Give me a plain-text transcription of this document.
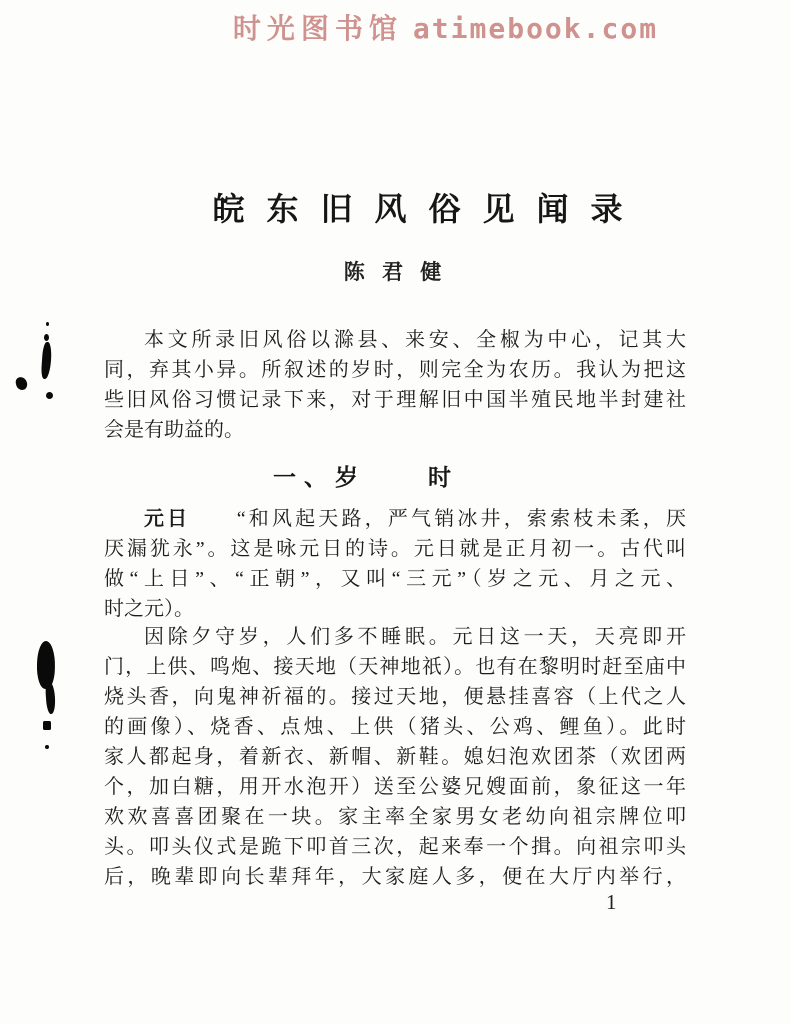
时光图书馆 atimebook.com
皖 东 旧 风 俗 见 闻 录
陈 君 健
本文所录旧风俗以滁县、来安、全椒为中心，记其大
同，弃其小异。所叙述的岁时，则完全为农历。我认为把这
些旧风俗习惯记录下来，对于理解旧中国半殖民地半封建社
会是有助益的。
一、岁　　时
元日　　“和风起天路，严气销冰井，索索枝未柔，厌
厌漏犹永”。这是咏元日的诗。元日就是正月初一。古代叫
做“上日”、“正朝”，又叫“三元”（岁之元、月之元、
时之元）。
因除夕守岁，人们多不睡眠。元日这一天，天亮即开
门，上供、鸣炮、接天地（天神地祇）。也有在黎明时赶至庙中
烧头香，向鬼神祈福的。接过天地，便悬挂喜容（上代之人
的画像）、烧香、点烛、上供（猪头、公鸡、鲤鱼）。此时
家人都起身，着新衣、新帽、新鞋。媳妇泡欢团茶（欢团两
个，加白糖，用开水泡开）送至公婆兄嫂面前，象征这一年
欢欢喜喜团聚在一块。家主率全家男女老幼向祖宗牌位叩
头。叩头仪式是跪下叩首三次，起来奉一个揖。向祖宗叩头
后，晚辈即向长辈拜年，大家庭人多，便在大厅内举行，
1
